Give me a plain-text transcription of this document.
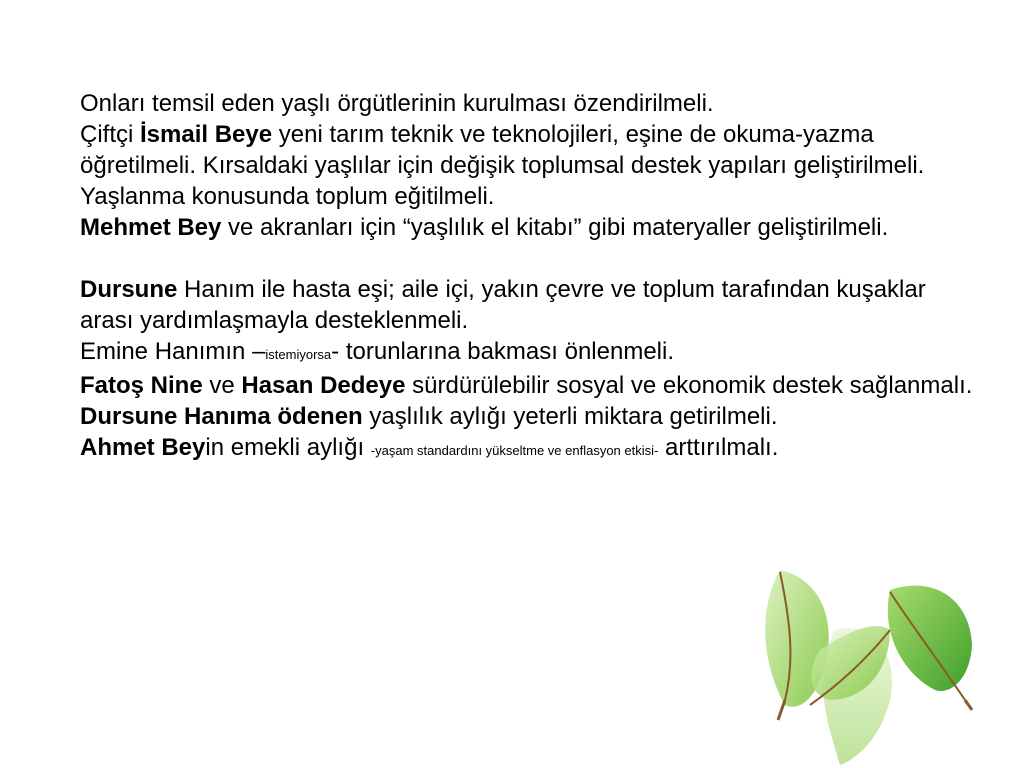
Onları temsil eden yaşlı örgütlerinin kurulması özendirilmeli.

Çiftçi İsmail Beye yeni tarım teknik ve teknolojileri, eşine de okuma-yazma öğretilmeli. Kırsaldaki yaşlılar için değişik toplumsal destek yapıları geliştirilmeli.

Yaşlanma konusunda toplum eğitilmeli.

Mehmet Bey ve akranları için “yaşlılık el kitabı” gibi materyaller geliştirilmeli.

Dursune Hanım ile hasta eşi; aile içi, yakın çevre ve toplum tarafından kuşaklar arası yardımlaşmayla desteklenmeli.

Emine Hanımın –istemiyorsa- torunlarına bakması önlenmeli.

Fatoş Nine ve Hasan Dedeye sürdürülebilir sosyal ve ekonomik destek sağlanmalı.

Dursune Hanıma ödenen yaşlılık aylığı yeterli miktara getirilmeli.

Ahmet Beyin emekli aylığı -yaşam standardını yükseltme ve enflasyon etkisi- arttırılmalı.
